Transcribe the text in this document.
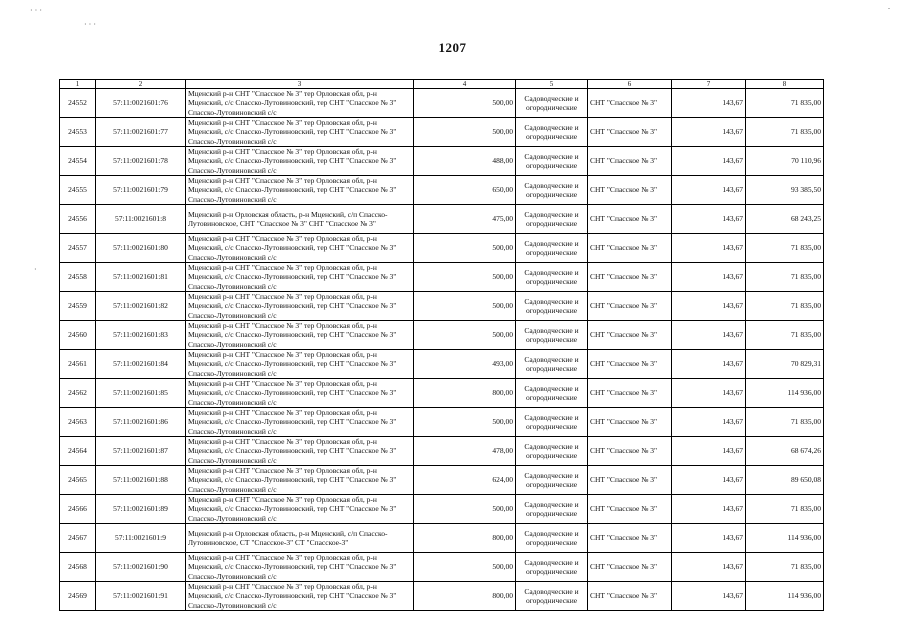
1207
1	2	3	4	5	6	7	8
24552	57:11:0021601:76	Мценский р-н СНТ "Спасское № 3" тер Орловская обл, р-н
Мценский, с/с Спасско-Лутовиновский, тер СНТ "Спасское № 3"
Спасско-Лутовиновский с/с	500,00	Садоводческие и огороднические	СНТ "Спасское № 3"	143,67	71 835,00
24553	57:11:0021601:77	Мценский р-н СНТ "Спасское № 3" тер Орловская обл, р-н
Мценский, с/с Спасско-Лутовиновский, тер СНТ "Спасское № 3"
Спасско-Лутовиновский с/с	500,00	Садоводческие и огороднические	СНТ "Спасское № 3"	143,67	71 835,00
24554	57:11:0021601:78	Мценский р-н СНТ "Спасское № 3" тер Орловская обл, р-н
Мценский, с/с Спасско-Лутовиновский, тер СНТ "Спасское № 3"
Спасско-Лутовиновский с/с	488,00	Садоводческие и огороднические	СНТ "Спасское № 3"	143,67	70 110,96
24555	57:11:0021601:79	Мценский р-н СНТ "Спасское № 3" тер Орловская обл, р-н
Мценский, с/с Спасско-Лутовиновский, тер СНТ "Спасское № 3"
Спасско-Лутовиновский с/с	650,00	Садоводческие и огороднические	СНТ "Спасское № 3"	143,67	93 385,50
24556	57:11:0021601:8	Мценский р-н Орловская область, р-н Мценский, с/п Спасско-
Лутовиновское, СНТ "Спасское № 3" СНТ "Спасское № 3"	475,00	Садоводческие и огороднические	СНТ "Спасское № 3"	143,67	68 243,25
24557	57:11:0021601:80	Мценский р-н СНТ "Спасское № 3" тер Орловская обл, р-н
Мценский, с/с Спасско-Лутовиновский, тер СНТ "Спасское № 3"
Спасско-Лутовиновский с/с	500,00	Садоводческие и огороднические	СНТ "Спасское № 3"	143,67	71 835,00
24558	57:11:0021601:81	Мценский р-н СНТ "Спасское № 3" тер Орловская обл, р-н
Мценский, с/с Спасско-Лутовиновский, тер СНТ "Спасское № 3"
Спасско-Лутовиновский с/с	500,00	Садоводческие и огороднические	СНТ "Спасское № 3"	143,67	71 835,00
24559	57:11:0021601:82	Мценский р-н СНТ "Спасское № 3" тер Орловская обл, р-н
Мценский, с/с Спасско-Лутовиновский, тер СНТ "Спасское № 3"
Спасско-Лутовиновский с/с	500,00	Садоводческие и огороднические	СНТ "Спасское № 3"	143,67	71 835,00
24560	57:11:0021601:83	Мценский р-н СНТ "Спасское № 3" тер Орловская обл, р-н
Мценский, с/с Спасско-Лутовиновский, тер СНТ "Спасское № 3"
Спасско-Лутовиновский с/с	500,00	Садоводческие и огороднические	СНТ "Спасское № 3"	143,67	71 835,00
24561	57:11:0021601:84	Мценский р-н СНТ "Спасское № 3" тер Орловская обл, р-н
Мценский, с/с Спасско-Лутовиновский, тер СНТ "Спасское № 3"
Спасско-Лутовиновский с/с	493,00	Садоводческие и огороднические	СНТ "Спасское № 3"	143,67	70 829,31
24562	57:11:0021601:85	Мценский р-н СНТ "Спасское № 3" тер Орловская обл, р-н
Мценский, с/с Спасско-Лутовиновский, тер СНТ "Спасское № 3"
Спасско-Лутовиновский с/с	800,00	Садоводческие и огороднические	СНТ "Спасское № 3"	143,67	114 936,00
24563	57:11:0021601:86	Мценский р-н СНТ "Спасское № 3" тер Орловская обл, р-н
Мценский, с/с Спасско-Лутовиновский, тер СНТ "Спасское № 3"
Спасско-Лутовиновский с/с	500,00	Садоводческие и огороднические	СНТ "Спасское № 3"	143,67	71 835,00
24564	57:11:0021601:87	Мценский р-н СНТ "Спасское № 3" тер Орловская обл, р-н
Мценский, с/с Спасско-Лутовиновский, тер СНТ "Спасское № 3"
Спасско-Лутовиновский с/с	478,00	Садоводческие и огороднические	СНТ "Спасское № 3"	143,67	68 674,26
24565	57:11:0021601:88	Мценский р-н СНТ "Спасское № 3" тер Орловская обл, р-н
Мценский, с/с Спасско-Лутовиновский, тер СНТ "Спасское № 3"
Спасско-Лутовиновский с/с	624,00	Садоводческие и огороднические	СНТ "Спасское № 3"	143,67	89 650,08
24566	57:11:0021601:89	Мценский р-н СНТ "Спасское № 3" тер Орловская обл, р-н
Мценский, с/с Спасско-Лутовиновский, тер СНТ "Спасское № 3"
Спасско-Лутовиновский с/с	500,00	Садоводческие и огороднические	СНТ "Спасское № 3"	143,67	71 835,00
24567	57:11:0021601:9	Мценский р-н Орловская область, р-н Мценский, с/п Спасско-
Лутовиновское, СТ "Спасское-3" СТ "Спасское-3"	800,00	Садоводческие и огороднические	СНТ "Спасское № 3"	143,67	114 936,00
24568	57:11:0021601:90	Мценский р-н СНТ "Спасское № 3" тер Орловская обл, р-н
Мценский, с/с Спасско-Лутовиновский, тер СНТ "Спасское № 3"
Спасско-Лутовиновский с/с	500,00	Садоводческие и огороднические	СНТ "Спасское № 3"	143,67	71 835,00
24569	57:11:0021601:91	Мценский р-н СНТ "Спасское № 3" тер Орловская обл, р-н
Мценский, с/с Спасско-Лутовиновский, тер СНТ "Спасское № 3"
Спасско-Лутовиновский с/с	800,00	Садоводческие и огороднические	СНТ "Спасское № 3"	143,67	114 936,00
· · ·
· · ·
.
·
